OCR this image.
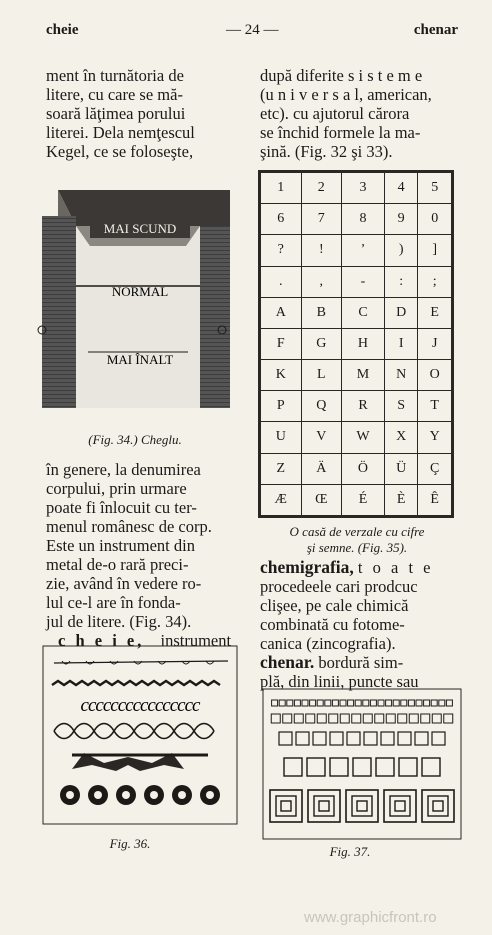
cheie	— 24 —	chenar

ment în turnătoria de

litere, cu care se mă-

soară lăţimea porului

literei. Dela nemţescul

Kegel, ce se foloseşte,

MAI SCUND
NORMAL
MAI ÎNALT
(Fig. 34.) Cheglu.

în genere, la denumirea

corpului, prin urmare

poate fi înlocuit cu ter-

menul românesc de corp.

Este un instrument din

metal de-o rară preci-

zie, având în vedere ro-

lul ce-l are în fonda-

jul de litere. (Fig. 34).

c h e i e, instrument

cccccccccccccccc
Fig. 36.

după diferite s i s t e m e

(u n i v e r s a l, american,

etc). cu ajutorul cărora

se închid formele la ma-

şină. (Fig. 32 şi 33).

1	2	3	4	5
6	7	8	9	0
?	!	’	)	]
.	,	-	:	;
A	B	C	D	E
F	G	H	I	J
K	L	M	N	O
P	Q	R	S	T
U	V	W	X	Y
Z	Ä	Ö	Ü	Ç
Æ	Œ	É	È	Ê
O casă de verzale cu cifre
şi semne. (Fig. 35).

chemigrafia, t o a t e

procedeele cari prodcuc

clişee, pe cale chimică

combinată cu fotome-

canica (zincografia).

chenar. bordură sim-

plă, din linii, puncte sau

Fig. 37.
www.graphicfront.ro
